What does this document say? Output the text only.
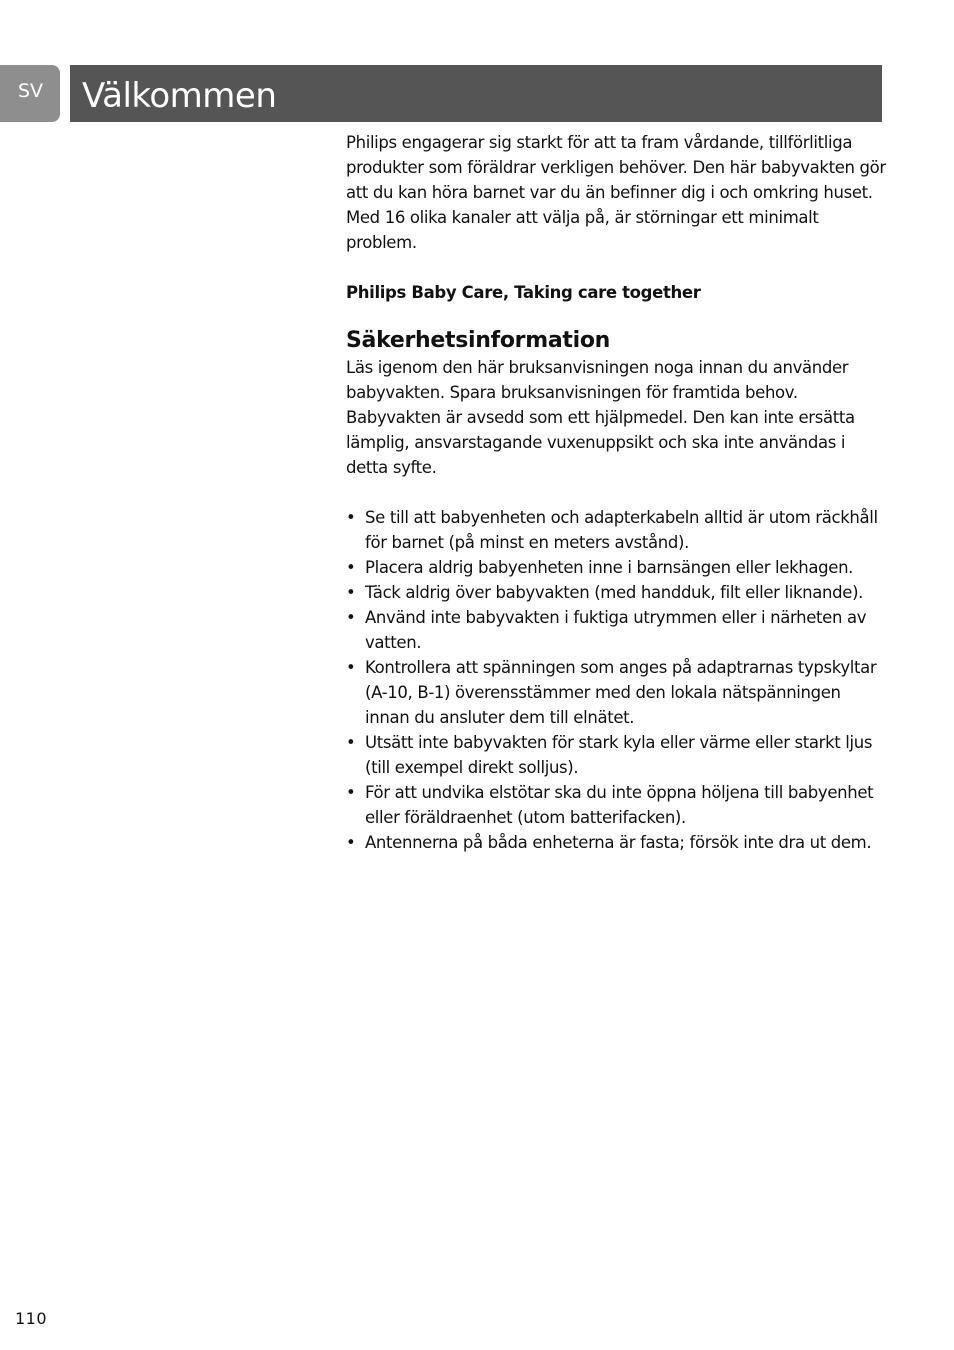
SV	Välkommen

Philips engagerar sig starkt för att ta fram vårdande, tillförlitliga produkter som föräldrar verkligen behöver. Den här babyvakten gör att du kan höra barnet var du än befinner dig i och omkring huset. Med 16 olika kanaler att välja på, är störningar ett minimalt problem.

Philips Baby Care, Taking care together

Säkerhetsinformation

Läs igenom den här bruksanvisningen noga innan du använder babyvakten. Spara bruksanvisningen för framtida behov. Babyvakten är avsedd som ett hjälpmedel. Den kan inte ersätta lämplig, ansvarstagande vuxenuppsikt och ska inte användas i detta syfte.

• Se till att babyenheten och adapterkabeln alltid är utom räckhåll för barnet (på minst en meters avstånd).
• Placera aldrig babyenheten inne i barnsängen eller lekhagen.
• Täck aldrig över babyvakten (med handduk, filt eller liknande).
• Använd inte babyvakten i fuktiga utrymmen eller i närheten av vatten.
• Kontrollera att spänningen som anges på adaptrarnas typskyltar (A-10, B-1) överensstämmer med den lokala nätspänningen innan du ansluter dem till elnätet.
• Utsätt inte babyvakten för stark kyla eller värme eller starkt ljus (till exempel direkt solljus).
• För att undvika elstötar ska du inte öppna höljena till babyenhet eller föräldraenhet (utom batterifacken).
• Antennerna på båda enheterna är fasta; försök inte dra ut dem.
110
